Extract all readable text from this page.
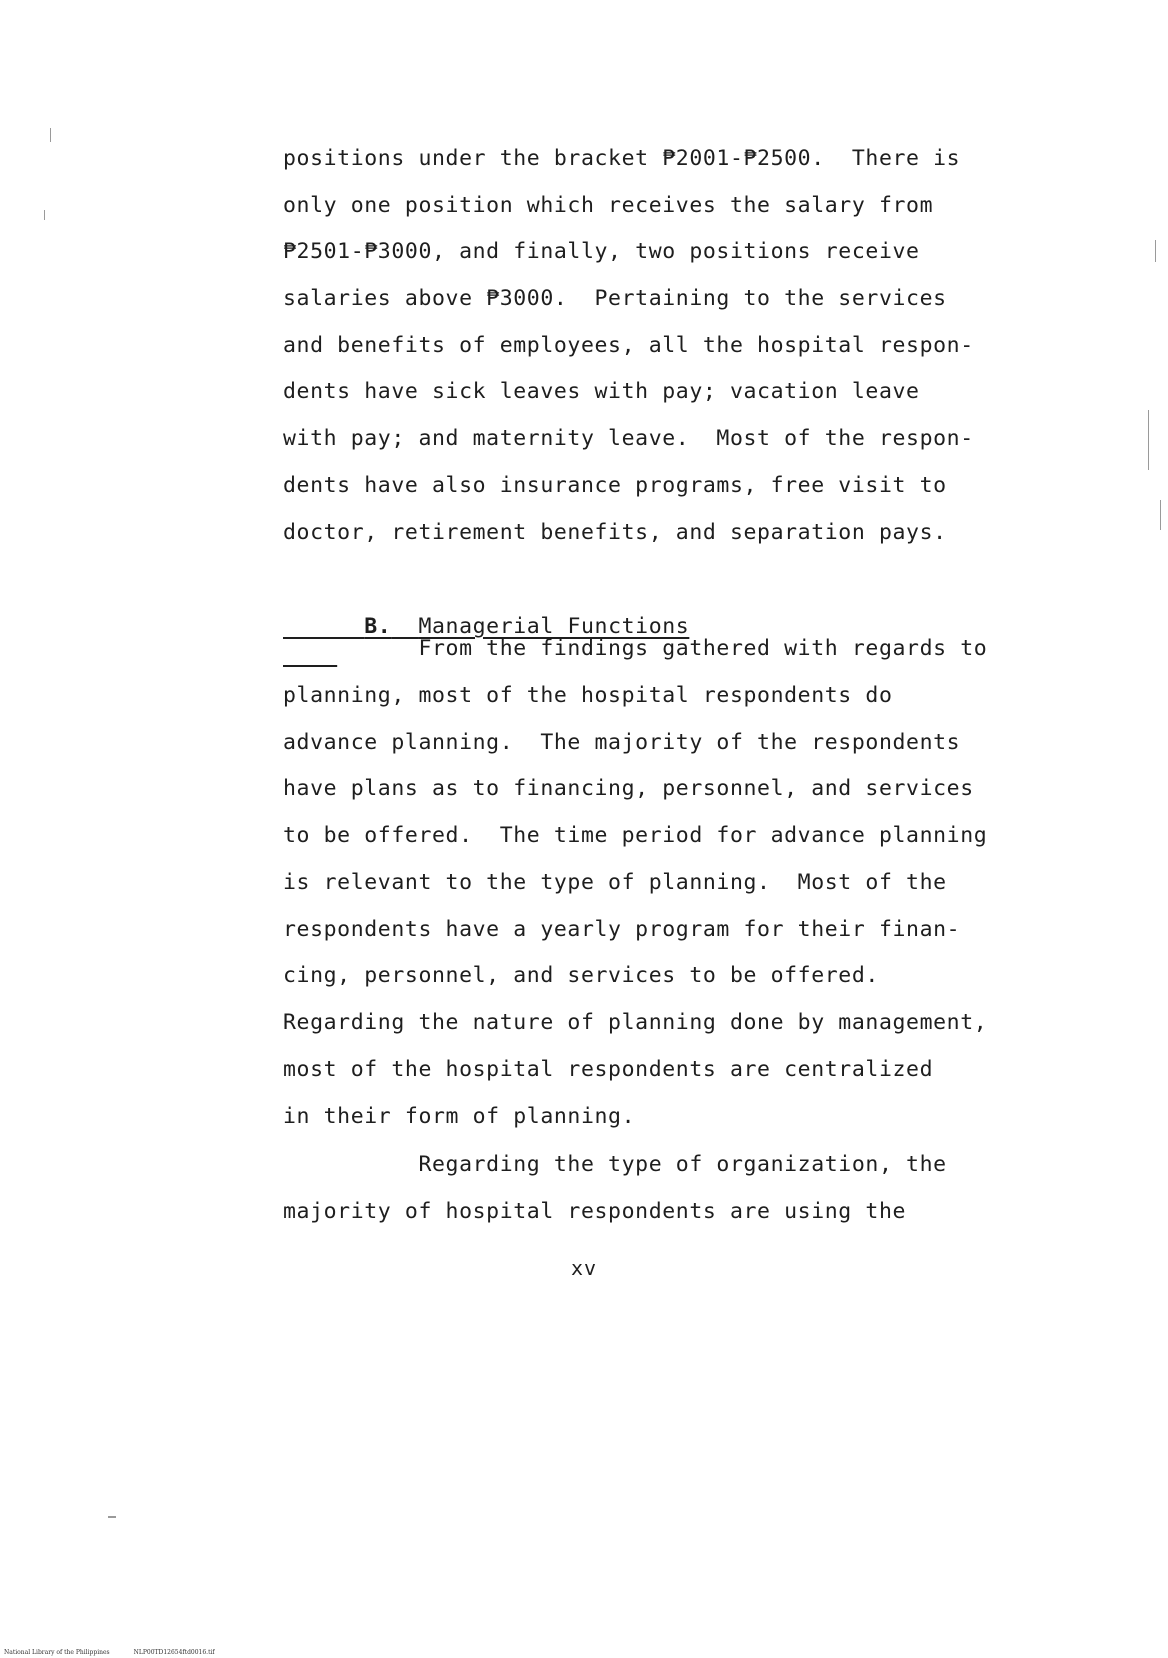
positions under the bracket ₱2001-₱2500.  There is
only one position which receives the salary from
₱2501-₱3000, and finally, two positions receive
salaries above ₱3000.  Pertaining to the services
and benefits of employees, all the hospital respon-
dents have sick leaves with pay; vacation leave
with pay; and maternity leave.  Most of the respon-
dents have also insurance programs, free visit to
doctor, retirement benefits, and separation pays.

B. Managerial Functions

From the findings gathered with regards to
planning, most of the hospital respondents do
advance planning.  The majority of the respondents
have plans as to financing, personnel, and services
to be offered.  The time period for advance planning
is relevant to the type of planning.  Most of the
respondents have a yearly program for their finan-
cing, personnel, and services to be offered.
Regarding the nature of planning done by management,
most of the hospital respondents are centralized
in their form of planning.
Regarding the type of organization, the
majority of hospital respondents are using the
xv
National Library of the Philippines	NLP00TD12654ftd0016.tif
